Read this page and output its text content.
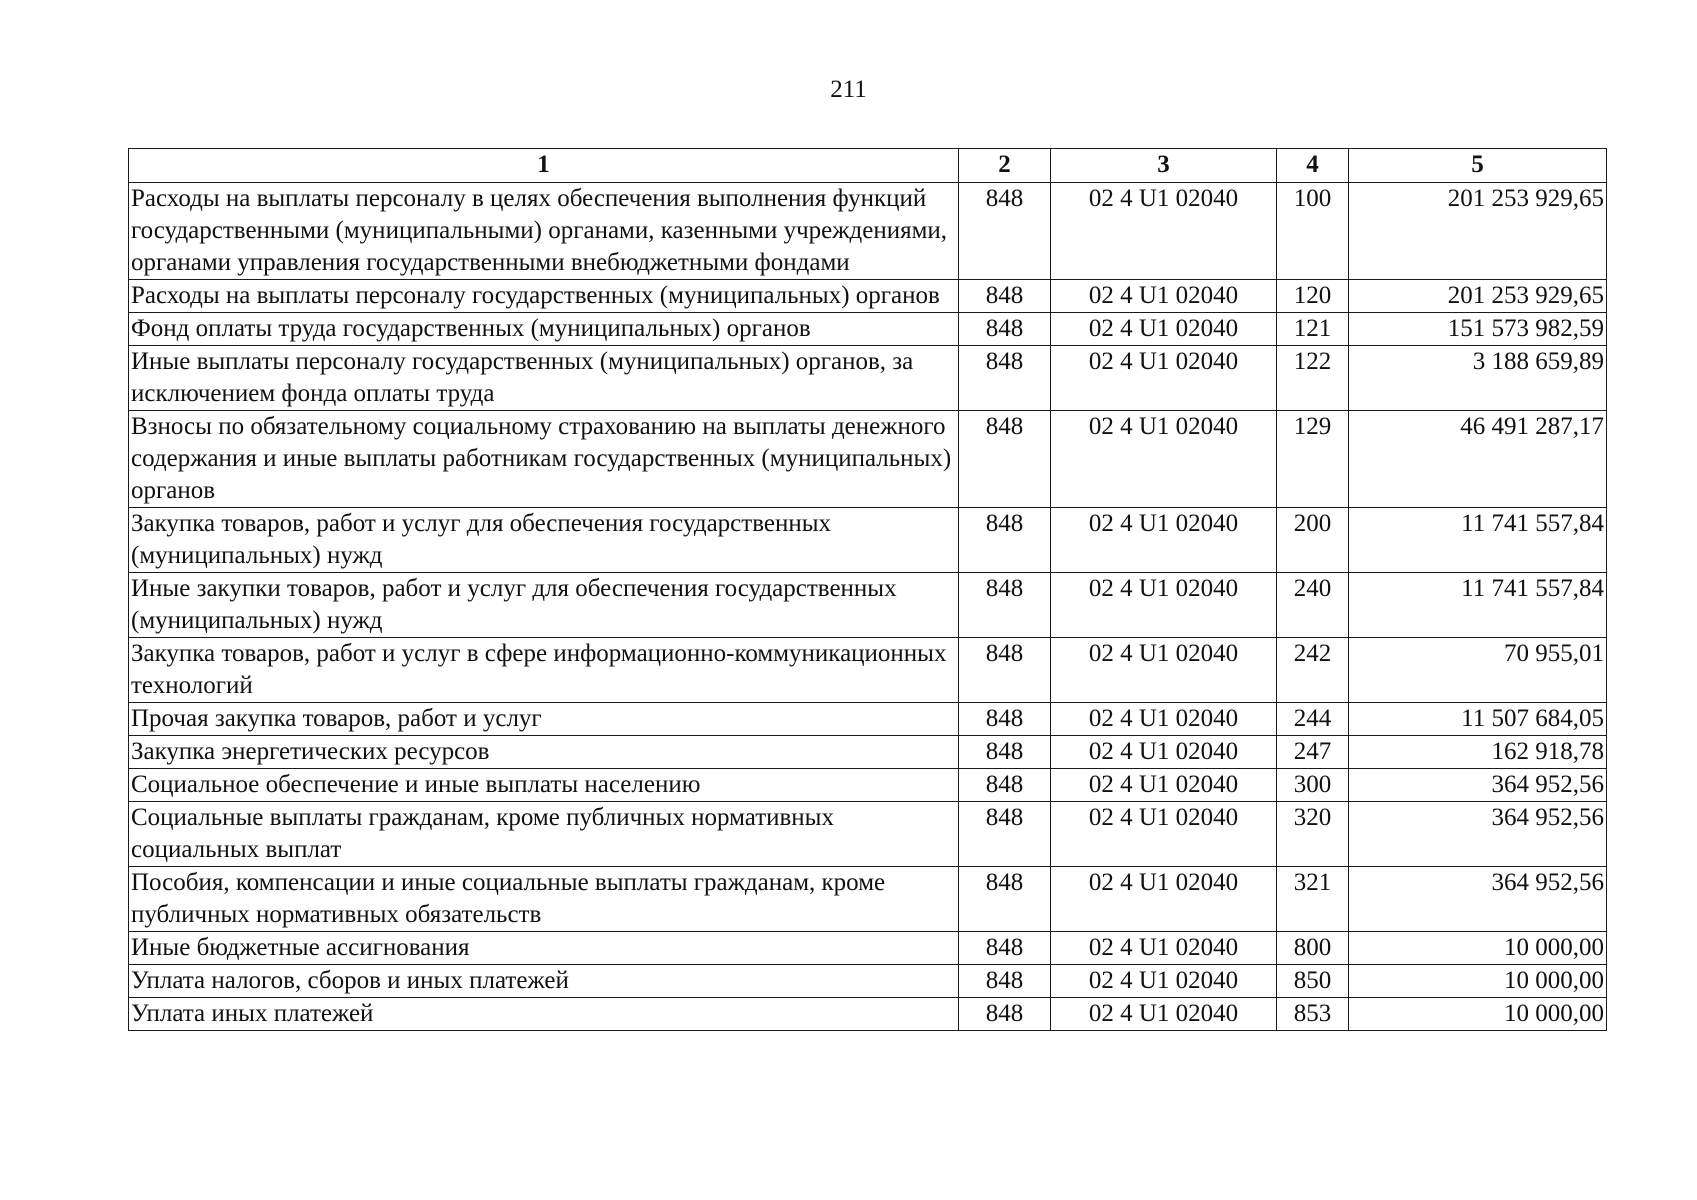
211
1	2	3	4	5
Расходы на выплаты персоналу в целях обеспечения выполнения функций государственными (муниципальными) органами, казенными учреждениями, органами управления государственными внебюджетными фондами	848	02 4 U1 02040	100	201 253 929,65
Расходы на выплаты персоналу государственных (муниципальных) органов	848	02 4 U1 02040	120	201 253 929,65
Фонд оплаты труда государственных (муниципальных) органов	848	02 4 U1 02040	121	151 573 982,59
Иные выплаты персоналу государственных (муниципальных) органов, за исключением фонда оплаты труда	848	02 4 U1 02040	122	3 188 659,89
Взносы по обязательному социальному страхованию на выплаты денежного содержания и иные выплаты работникам государственных (муниципальных) органов	848	02 4 U1 02040	129	46 491 287,17
Закупка товаров, работ и услуг для обеспечения государственных (муниципальных) нужд	848	02 4 U1 02040	200	11 741 557,84
Иные закупки товаров, работ и услуг для обеспечения государственных (муниципальных) нужд	848	02 4 U1 02040	240	11 741 557,84
Закупка товаров, работ и услуг в сфере информационно-коммуникационных технологий	848	02 4 U1 02040	242	70 955,01
Прочая закупка товаров, работ и услуг	848	02 4 U1 02040	244	11 507 684,05
Закупка энергетических ресурсов	848	02 4 U1 02040	247	162 918,78
Социальное обеспечение и иные выплаты населению	848	02 4 U1 02040	300	364 952,56
Социальные выплаты гражданам, кроме публичных нормативных социальных выплат	848	02 4 U1 02040	320	364 952,56
Пособия, компенсации и иные социальные выплаты гражданам, кроме публичных нормативных обязательств	848	02 4 U1 02040	321	364 952,56
Иные бюджетные ассигнования	848	02 4 U1 02040	800	10 000,00
Уплата налогов, сборов и иных платежей	848	02 4 U1 02040	850	10 000,00
Уплата иных платежей	848	02 4 U1 02040	853	10 000,00
